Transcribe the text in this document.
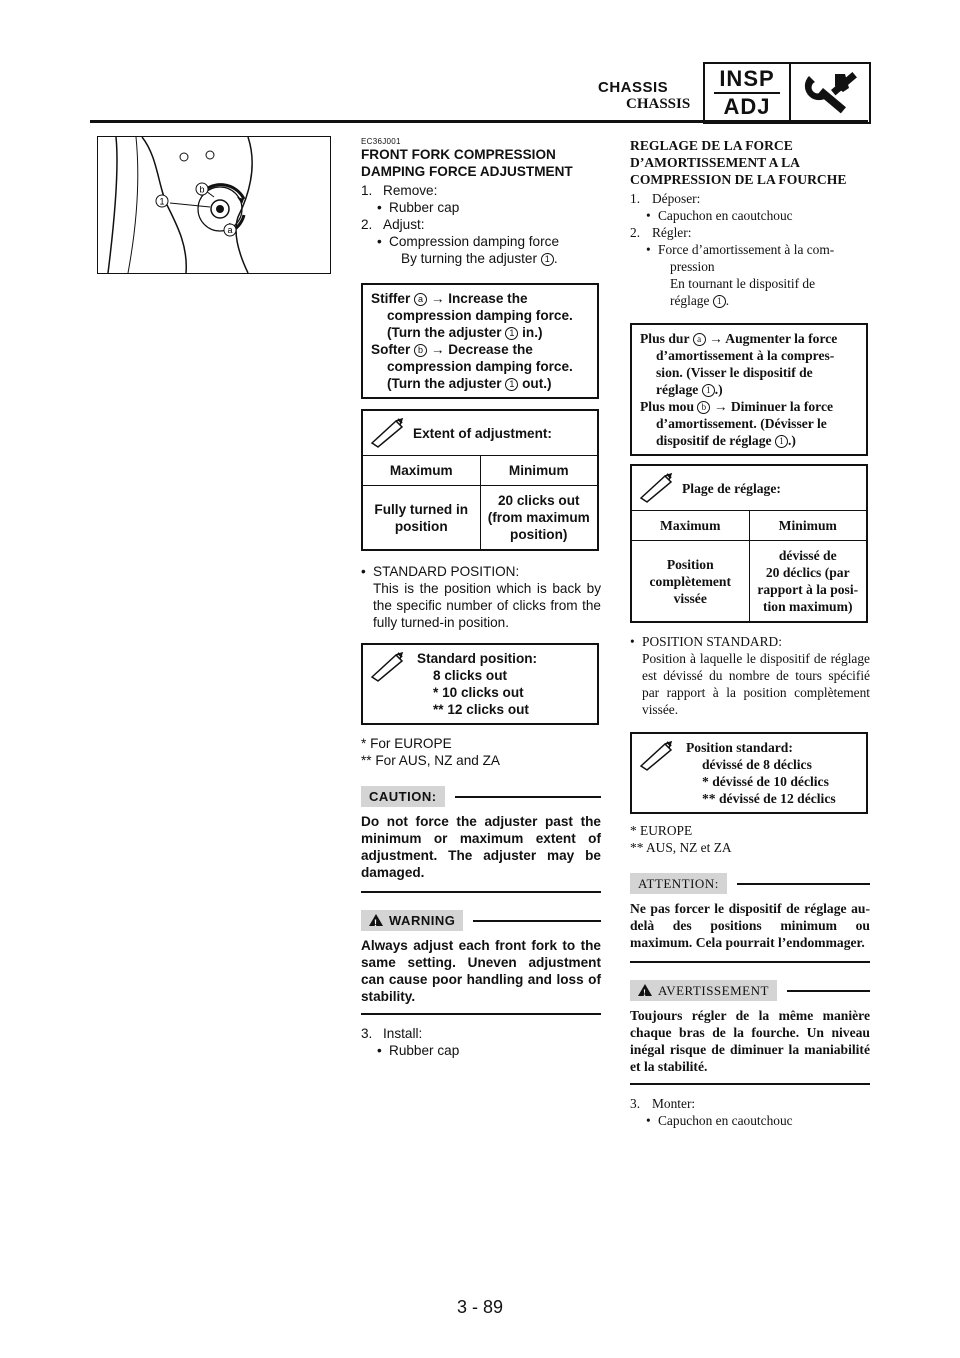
CHASSIS
CHASSIS
INSP
ADJ
1
b
a
EC36J001
FRONT FORK COMPRESSION
DAMPING FORCE ADJUSTMENT
1. Remove:
• Rubber cap
2. Adjust:
• Compression damping force
By turning the adjuster 1 .
Stiffer a → Increase the
compression damping force.
(Turn the adjuster 1 in.)
Softer b → Decrease the
compression damping force.
(Turn the adjuster 1 out.)
Extent of adjustment:
Maximum	Minimum
Fully turned in
position
20 clicks out
(from maximum
position)
• STANDARD POSITION:
This is the position which is back by the specific number of clicks from the fully turned-in position.
Standard position:
8 clicks out
* 10 clicks out
** 12 clicks out
* For EUROPE
** For AUS, NZ and ZA
CAUTION:
Do not force the adjuster past the minimum or maximum extent of adjustment. The adjuster may be damaged.
!WARNING
Always adjust each front fork to the same setting. Uneven adjustment can cause poor handling and loss of stability.
3. Install:
• Rubber cap
REGLAGE DE LA FORCE
D’AMORTISSEMENT A LA
COMPRESSION DE LA FOURCHE
1. Déposer:
• Capuchon en caoutchouc
2. Régler:
• Force d’amortissement à la com-
pression
En tournant le dispositif de
réglage 1 .
Plus dur a → Augmenter la force
d’amortissement à la compres-
sion. (Visser le dispositif de
réglage 1 .)
Plus mou b → Diminuer la force
d’amortissement. (Dévisser le
dispositif de réglage 1 .)
Plage de réglage:
Maximum	Minimum
Position
complètement
vissée
dévissé de
20 déclics (par
rapport à la posi-
tion maximum)
• POSITION STANDARD:
Position à laquelle le dispositif de réglage est dévissé du nombre de tours spécifié par rapport à la position complètement vissée.
Position standard:
dévissé de 8 déclics
* dévissé de 10 déclics
** dévissé de 12 déclics
* EUROPE
** AUS, NZ et ZA
ATTENTION:
Ne pas forcer le dispositif de réglage au-delà des positions minimum ou maximum. Cela pourrait l’endommager.
!AVERTISSEMENT
Toujours régler de la même manière chaque bras de la fourche. Un niveau inégal risque de diminuer la maniabilité et la stabilité.
3. Monter:
• Capuchon en caoutchouc
3 - 89
